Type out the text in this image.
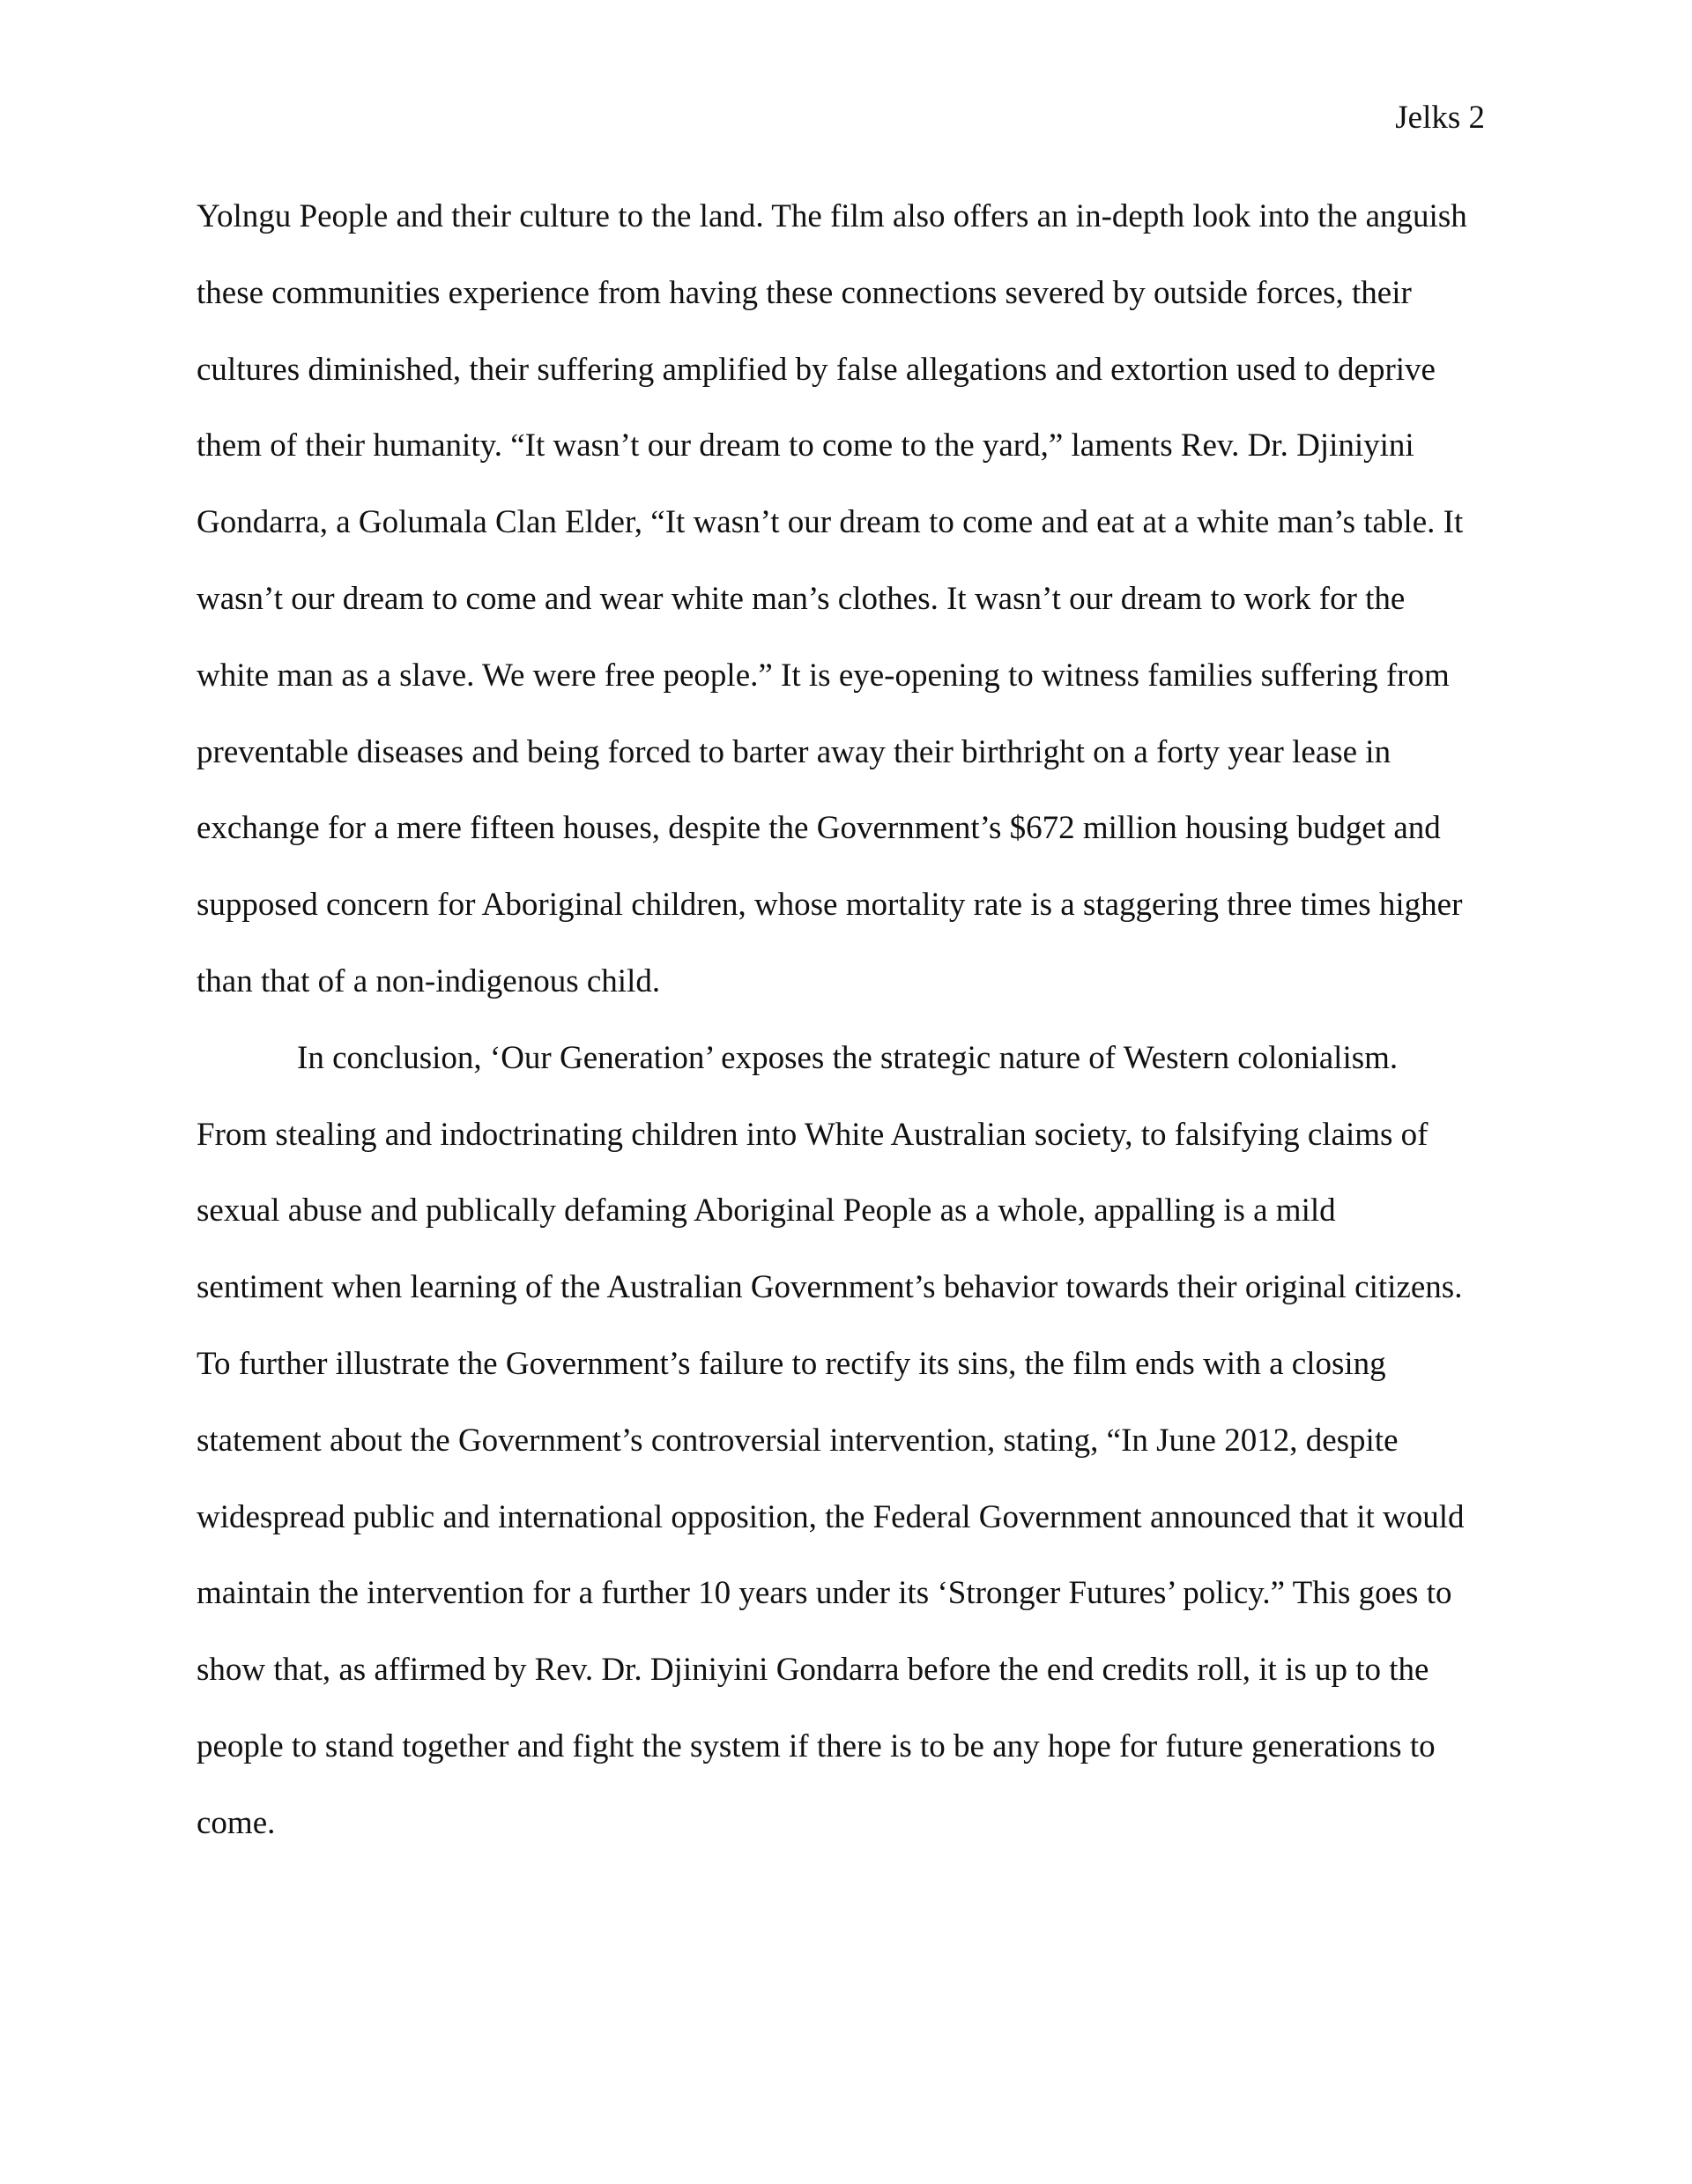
Jelks 2
Yolngu People and their culture to the land. The film also offers an in-depth look into the anguish
these communities experience from having these connections severed by outside forces, their
cultures diminished, their suffering amplified by false allegations and extortion used to deprive
them of their humanity. “It wasn’t our dream to come to the yard,” laments Rev. Dr. Djiniyini
Gondarra, a Golumala Clan Elder, “It wasn’t our dream to come and eat at a white man’s table. It
wasn’t our dream to come and wear white man’s clothes. It wasn’t our dream to work for the
white man as a slave. We were free people.” It is eye-opening to witness families suffering from
preventable diseases and being forced to barter away their birthright on a forty year lease in
exchange for a mere fifteen houses, despite the Government’s $672 million housing budget and
supposed concern for Aboriginal children, whose mortality rate is a staggering three times higher
than that of a non-indigenous child.
In conclusion, ‘Our Generation’ exposes the strategic nature of Western colonialism.
From stealing and indoctrinating children into White Australian society, to falsifying claims of
sexual abuse and publically defaming Aboriginal People as a whole, appalling is a mild
sentiment when learning of the Australian Government’s behavior towards their original citizens.
To further illustrate the Government’s failure to rectify its sins, the film ends with a closing
statement about the Government’s controversial intervention, stating, “In June 2012, despite
widespread public and international opposition, the Federal Government announced that it would
maintain the intervention for a further 10 years under its ‘Stronger Futures’ policy.” This goes to
show that, as affirmed by Rev. Dr. Djiniyini Gondarra before the end credits roll, it is up to the
people to stand together and fight the system if there is to be any hope for future generations to
come.
